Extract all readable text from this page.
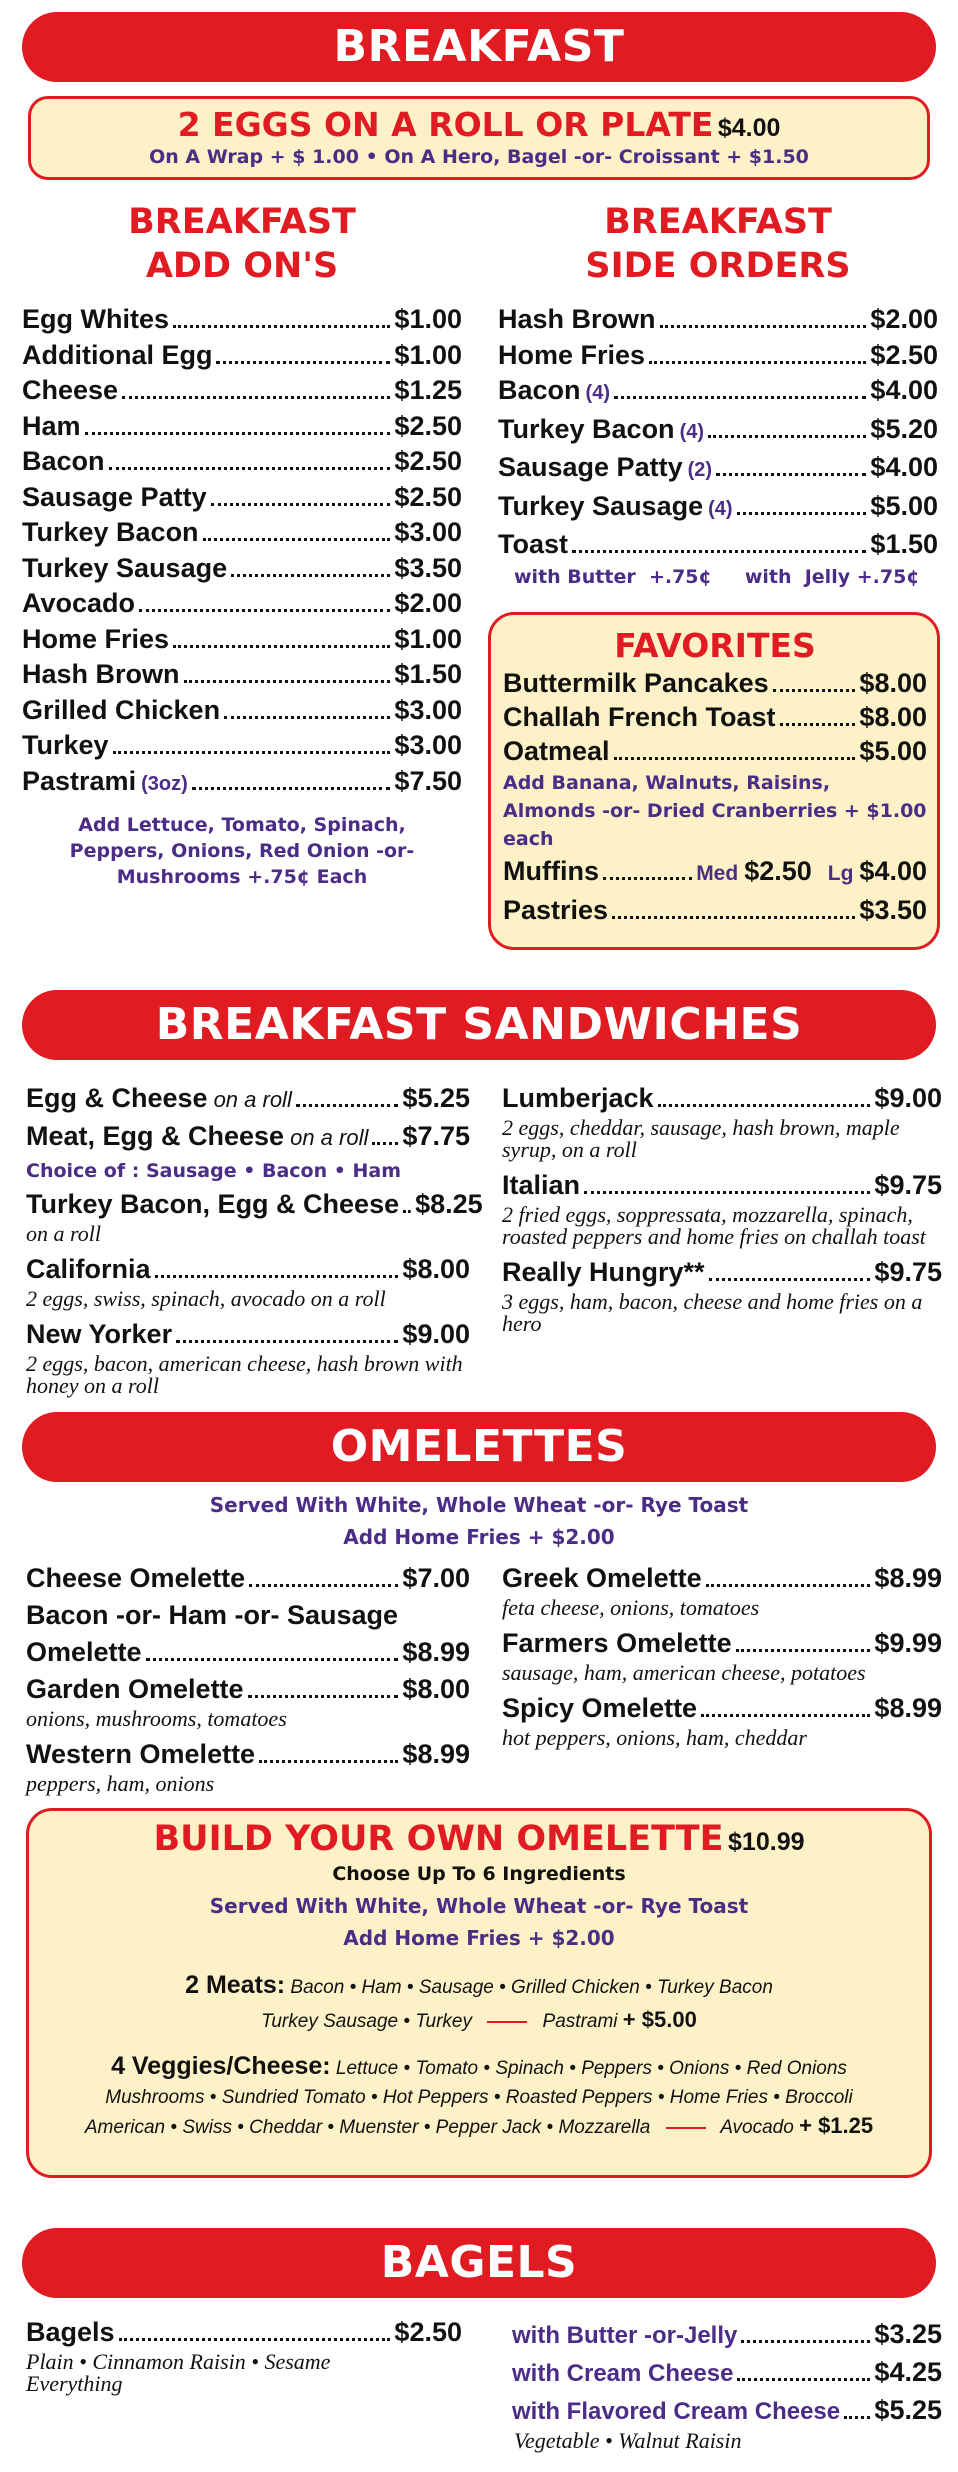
BREAKFAST
2 EGGS ON A ROLL OR PLATE $4.00
On A Wrap + $ 1.00 • On A Hero, Bagel -or- Croissant + $1.50
BREAKFAST
ADD ON'S
Egg Whites	$1.00
Additional Egg	$1.00
Cheese	$1.25
Ham	$2.50
Bacon	$2.50
Sausage Patty	$2.50
Turkey Bacon	$3.00
Turkey Sausage	$3.50
Avocado	$2.00
Home Fries	$1.00
Hash Brown	$1.50
Grilled Chicken	$3.00
Turkey	$3.00
Pastrami (3oz)	$7.50
Add Lettuce, Tomato, Spinach, Peppers, Onions, Red Onion -or- Mushrooms +.75¢ Each
BREAKFAST
SIDE ORDERS
Hash Brown	$2.00
Home Fries	$2.50
Bacon (4)	$4.00
Turkey Bacon (4)	$5.20
Sausage Patty (2)	$4.00
Turkey Sausage (4)	$5.00
Toast	$1.50
with Butter  +.75¢     with  Jelly +.75¢
FAVORITES
Buttermilk Pancakes	$8.00
Challah French Toast	$8.00
Oatmeal	$5.00
Add Banana, Walnuts, Raisins, Almonds -or- Dried Cranberries + $1.00 each
Muffins	Med $2.50 Lg $4.00
Pastries	$3.50
BREAKFAST SANDWICHES
Egg & Cheese on a roll	$5.25
Meat, Egg & Cheese on a roll $7.75
Choice of : Sausage • Bacon • Ham
Turkey Bacon, Egg & Cheese $8.25
on a roll
California	$8.00
2 eggs, swiss, spinach, avocado on a roll
New Yorker	$9.00
2 eggs, bacon, american cheese, hash brown with honey on a roll
Lumberjack	$9.00
2 eggs, cheddar, sausage, hash brown, maple syrup, on a roll
Italian	$9.75
2 fried eggs, soppressata, mozzarella, spinach, roasted peppers and home fries on challah toast
Really Hungry**	$9.75
3 eggs, ham, bacon, cheese and home fries on a hero
OMELETTES
Served With White, Whole Wheat -or- Rye Toast
Add Home Fries + $2.00
Cheese Omelette	$7.00
Bacon -or- Ham -or- Sausage
Omelette	$8.99
Garden Omelette	$8.00
onions, mushrooms, tomatoes
Western Omelette	$8.99
peppers, ham, onions
Greek Omelette	$8.99
feta cheese, onions, tomatoes
Farmers Omelette	$9.99
sausage, ham, american cheese, potatoes
Spicy Omelette	$8.99
hot peppers, onions, ham, cheddar
BUILD YOUR OWN OMELETTE $10.99
Choose Up To 6 Ingredients
Served With White, Whole Wheat -or- Rye Toast
Add Home Fries + $2.00
2 Meats: Bacon • Ham • Sausage • Grilled Chicken • Turkey Bacon
Turkey Sausage • Turkey	Pastrami + $5.00
4 Veggies/Cheese: Lettuce • Tomato • Spinach • Peppers • Onions • Red Onions
Mushrooms • Sundried Tomato • Hot Peppers • Roasted Peppers • Home Fries • Broccoli
American • Swiss • Cheddar • Muenster • Pepper Jack • Mozzarella	Avocado + $1.25
BAGELS
Bagels	$2.50
Plain • Cinnamon Raisin • Sesame
Everything
with Butter -or-Jelly	$3.25
with Cream Cheese	$4.25
with Flavored Cream Cheese $5.25
Vegetable • Walnut Raisin
